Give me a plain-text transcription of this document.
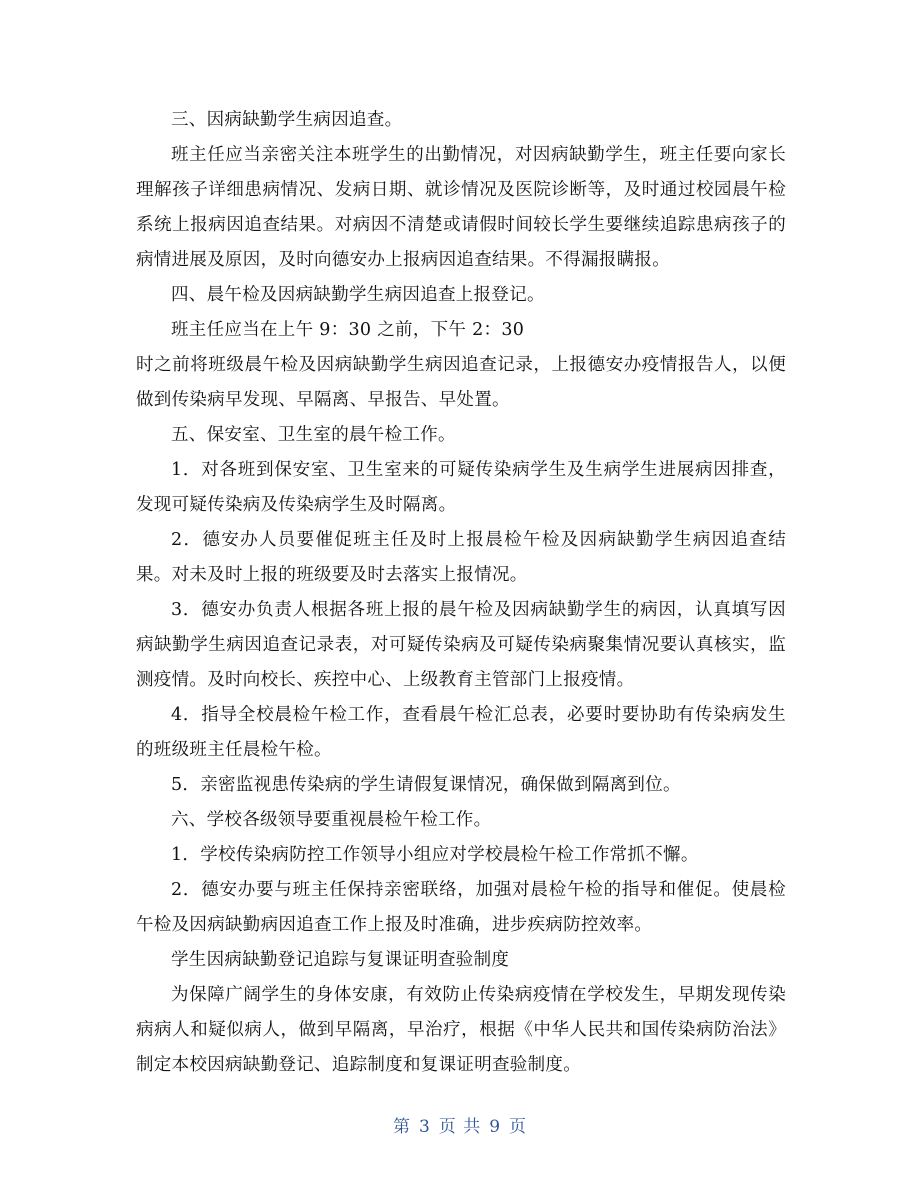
三、因病缺勤学生病因追查。

班主任应当亲密关注本班学生的出勤情况，对因病缺勤学生，班主任要向家长理解孩子详细患病情况、发病日期、就诊情况及医院诊断等，及时通过校园晨午检系统上报病因追查结果。对病因不清楚或请假时间较长学生要继续追踪患病孩子的病情进展及原因，及时向德安办上报病因追查结果。不得漏报瞒报。

四、晨午检及因病缺勤学生病因追查上报登记。

班主任应当在上午 9：30 之前，下午 2：30

时之前将班级晨午检及因病缺勤学生病因追查记录，上报德安办疫情报告人，以便做到传染病早发现、早隔离、早报告、早处置。

五、保安室、卫生室的晨午检工作。

1．对各班到保安室、卫生室来的可疑传染病学生及生病学生进展病因排查，发现可疑传染病及传染病学生及时隔离。

2．德安办人员要催促班主任及时上报晨检午检及因病缺勤学生病因追查结果。对未及时上报的班级要及时去落实上报情况。

3．德安办负责人根据各班上报的晨午检及因病缺勤学生的病因，认真填写因病缺勤学生病因追查记录表，对可疑传染病及可疑传染病聚集情况要认真核实，监测疫情。及时向校长、疾控中心、上级教育主管部门上报疫情。

4．指导全校晨检午检工作，查看晨午检汇总表，必要时要协助有传染病发生的班级班主任晨检午检。

5．亲密监视患传染病的学生请假复课情况，确保做到隔离到位。

六、学校各级领导要重视晨检午检工作。

1．学校传染病防控工作领导小组应对学校晨检午检工作常抓不懈。

2．德安办要与班主任保持亲密联络，加强对晨检午检的指导和催促。使晨检午检及因病缺勤病因追查工作上报及时准确，进步疾病防控效率。

学生因病缺勤登记追踪与复课证明查验制度

为保障广阔学生的身体安康，有效防止传染病疫情在学校发生，早期发现传染病病人和疑似病人，做到早隔离，早治疗，根据《中华人民共和国传染病防治法》制定本校因病缺勤登记、追踪制度和复课证明查验制度。

第 3 页 共 9 页
